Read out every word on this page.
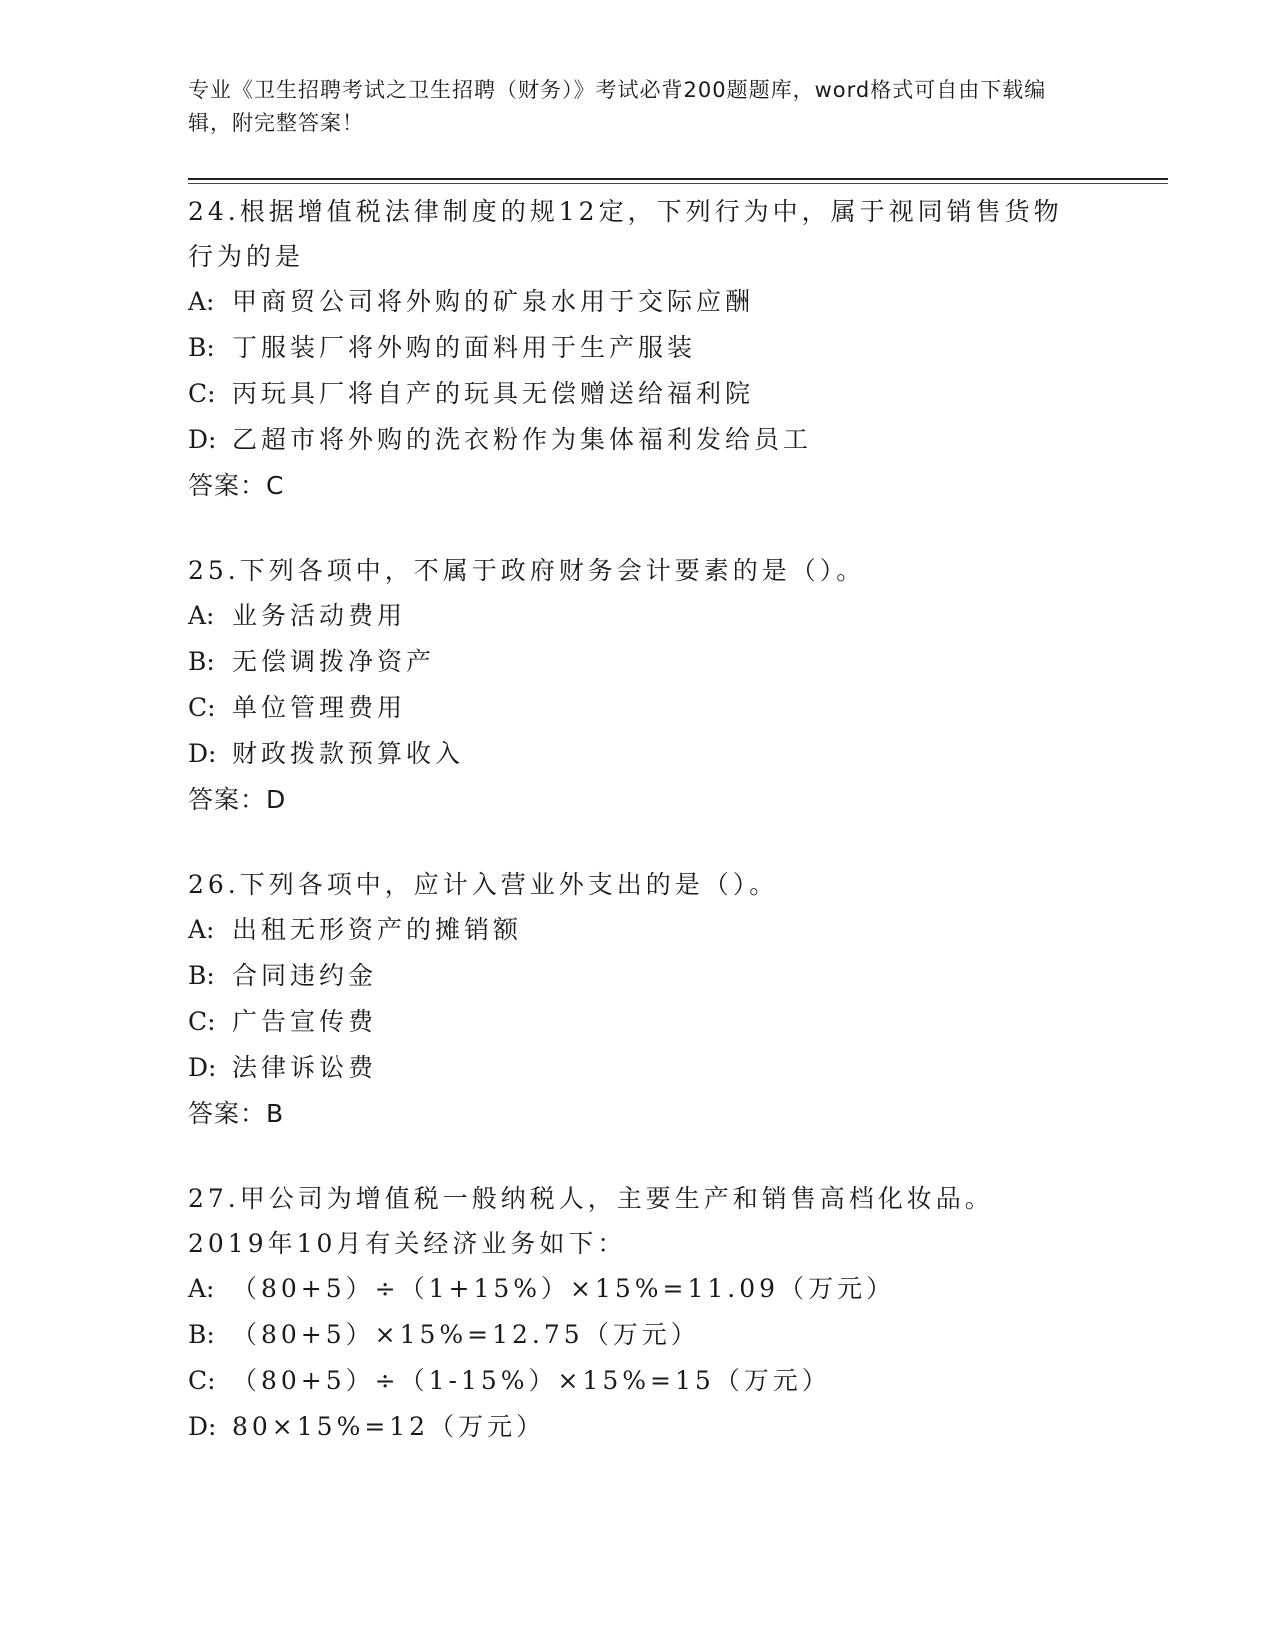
专业《卫生招聘考试之卫生招聘（财务）》考试必背200题题库，word格式可自由下载编辑，附完整答案！
24.根据增值税法律制度的规12定，下列行为中，属于视同销售货物行为的是
A: 甲商贸公司将外购的矿泉水用于交际应酬
B: 丁服装厂将外购的面料用于生产服装
C: 丙玩具厂将自产的玩具无偿赠送给福利院
D: 乙超市将外购的洗衣粉作为集体福利发给员工
答案：C
25.下列各项中，不属于政府财务会计要素的是（）。
A: 业务活动费用
B: 无偿调拨净资产
C: 单位管理费用
D: 财政拨款预算收入
答案：D
26.下列各项中，应计入营业外支出的是（）。
A: 出租无形资产的摊销额
B: 合同违约金
C: 广告宣传费
D: 法律诉讼费
答案：B
27.甲公司为增值税一般纳税人，主要生产和销售高档化妆品。2019年10月有关经济业务如下：
A: （80+5）÷（1+15%）×15%=11.09（万元）
B: （80+5）×15%=12.75（万元）
C: （80+5）÷（1-15%）×15%=15（万元）
D: 80×15%=12（万元）
